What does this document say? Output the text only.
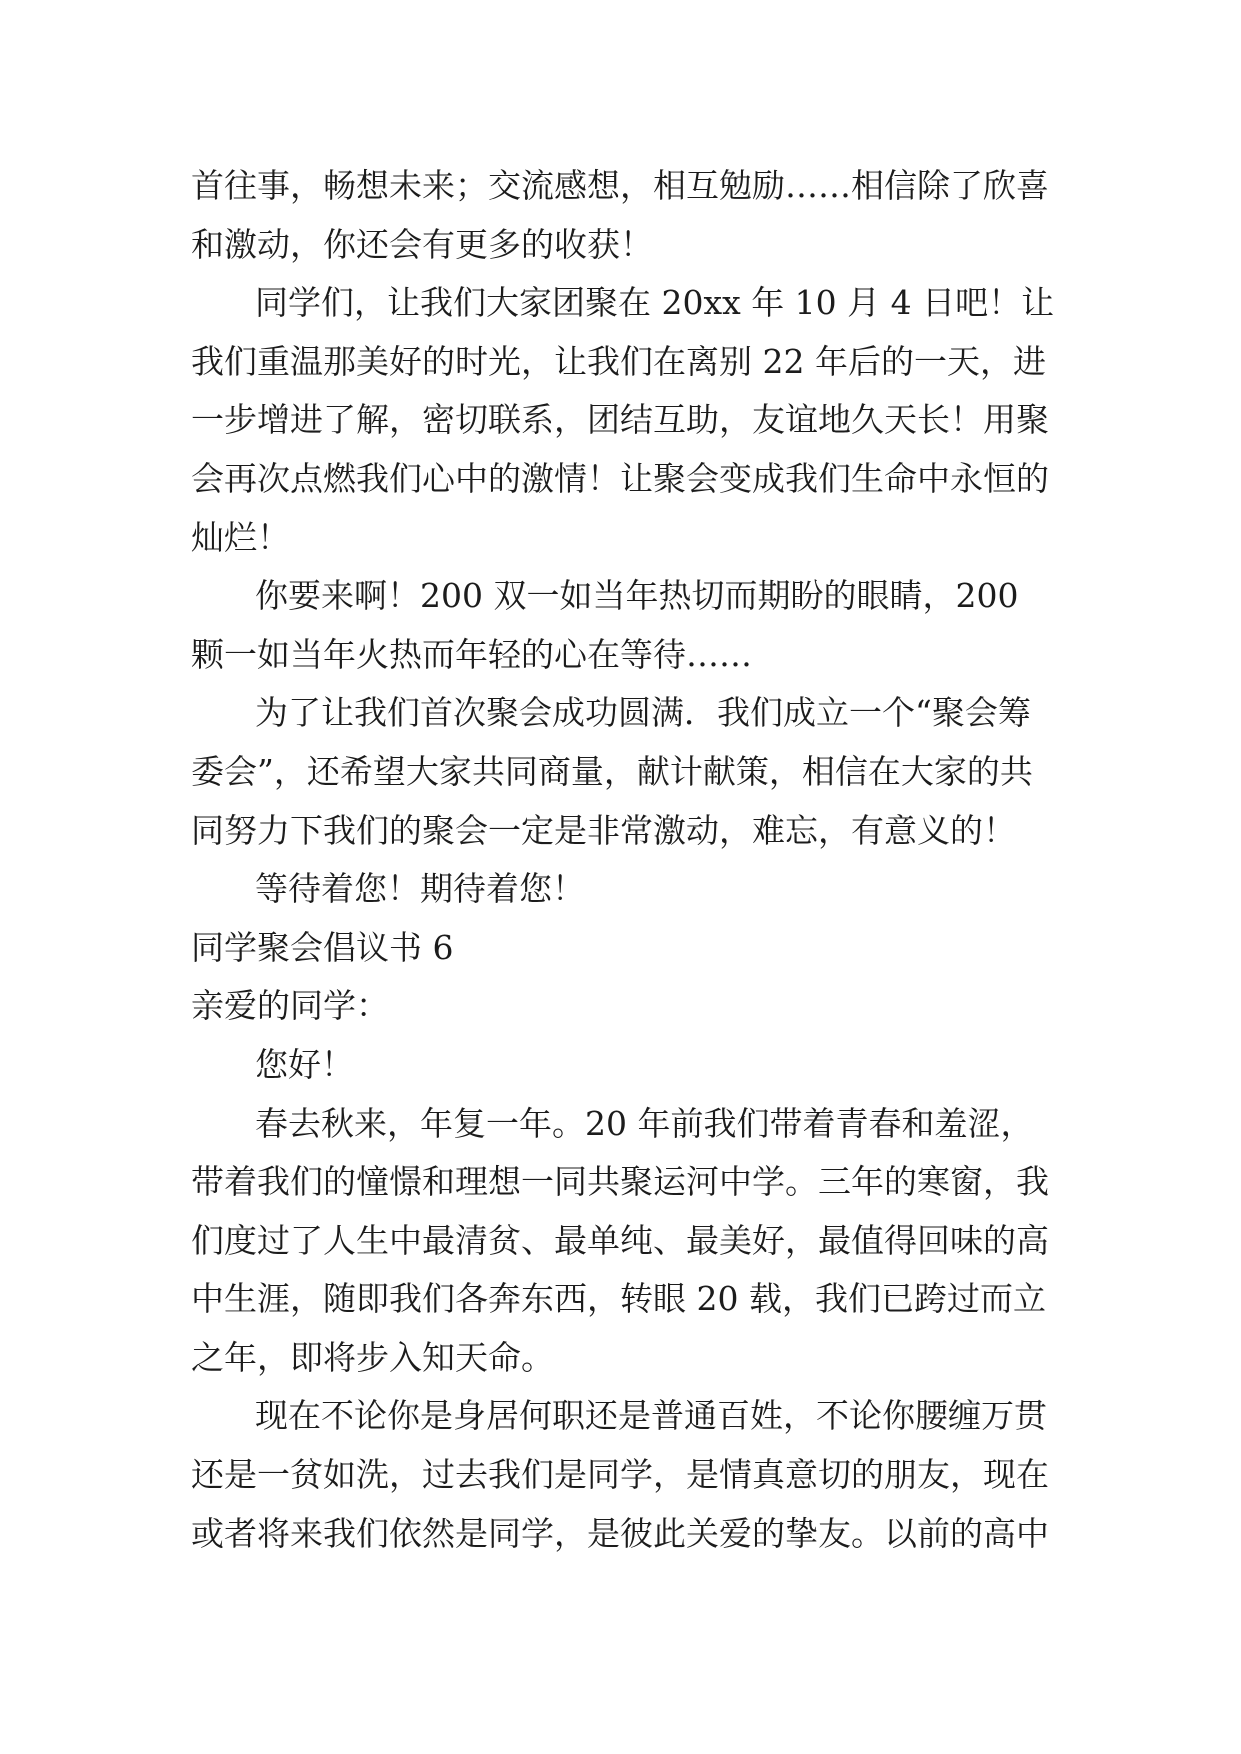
首往事，畅想未来；交流感想，相互勉励……相信除了欣喜和激动，你还会有更多的收获！

同学们，让我们大家团聚在 20xx 年 10 月 4 日吧！让我们重温那美好的时光，让我们在离别 22 年后的一天，进一步增进了解，密切联系，团结互助，友谊地久天长！用聚会再次点燃我们心中的激情！让聚会变成我们生命中永恒的灿烂！

你要来啊！200 双一如当年热切而期盼的眼睛，200 颗一如当年火热而年轻的心在等待……

为了让我们首次聚会成功圆满．我们成立一个“聚会筹委会”，还希望大家共同商量，献计献策，相信在大家的共同努力下我们的聚会一定是非常激动，难忘，有意义的！

等待着您！期待着您！

同学聚会倡议书 6

亲爱的同学：

您好！

春去秋来，年复一年。20 年前我们带着青春和羞涩，带着我们的憧憬和理想一同共聚运河中学。三年的寒窗，我们度过了人生中最清贫、最单纯、最美好，最值得回味的高中生涯，随即我们各奔东西，转眼 20 载，我们已跨过而立之年，即将步入知天命。

现在不论你是身居何职还是普通百姓，不论你腰缠万贯还是一贫如洗，过去我们是同学，是情真意切的朋友，现在或者将来我们依然是同学，是彼此关爱的挚友。以前的高中
